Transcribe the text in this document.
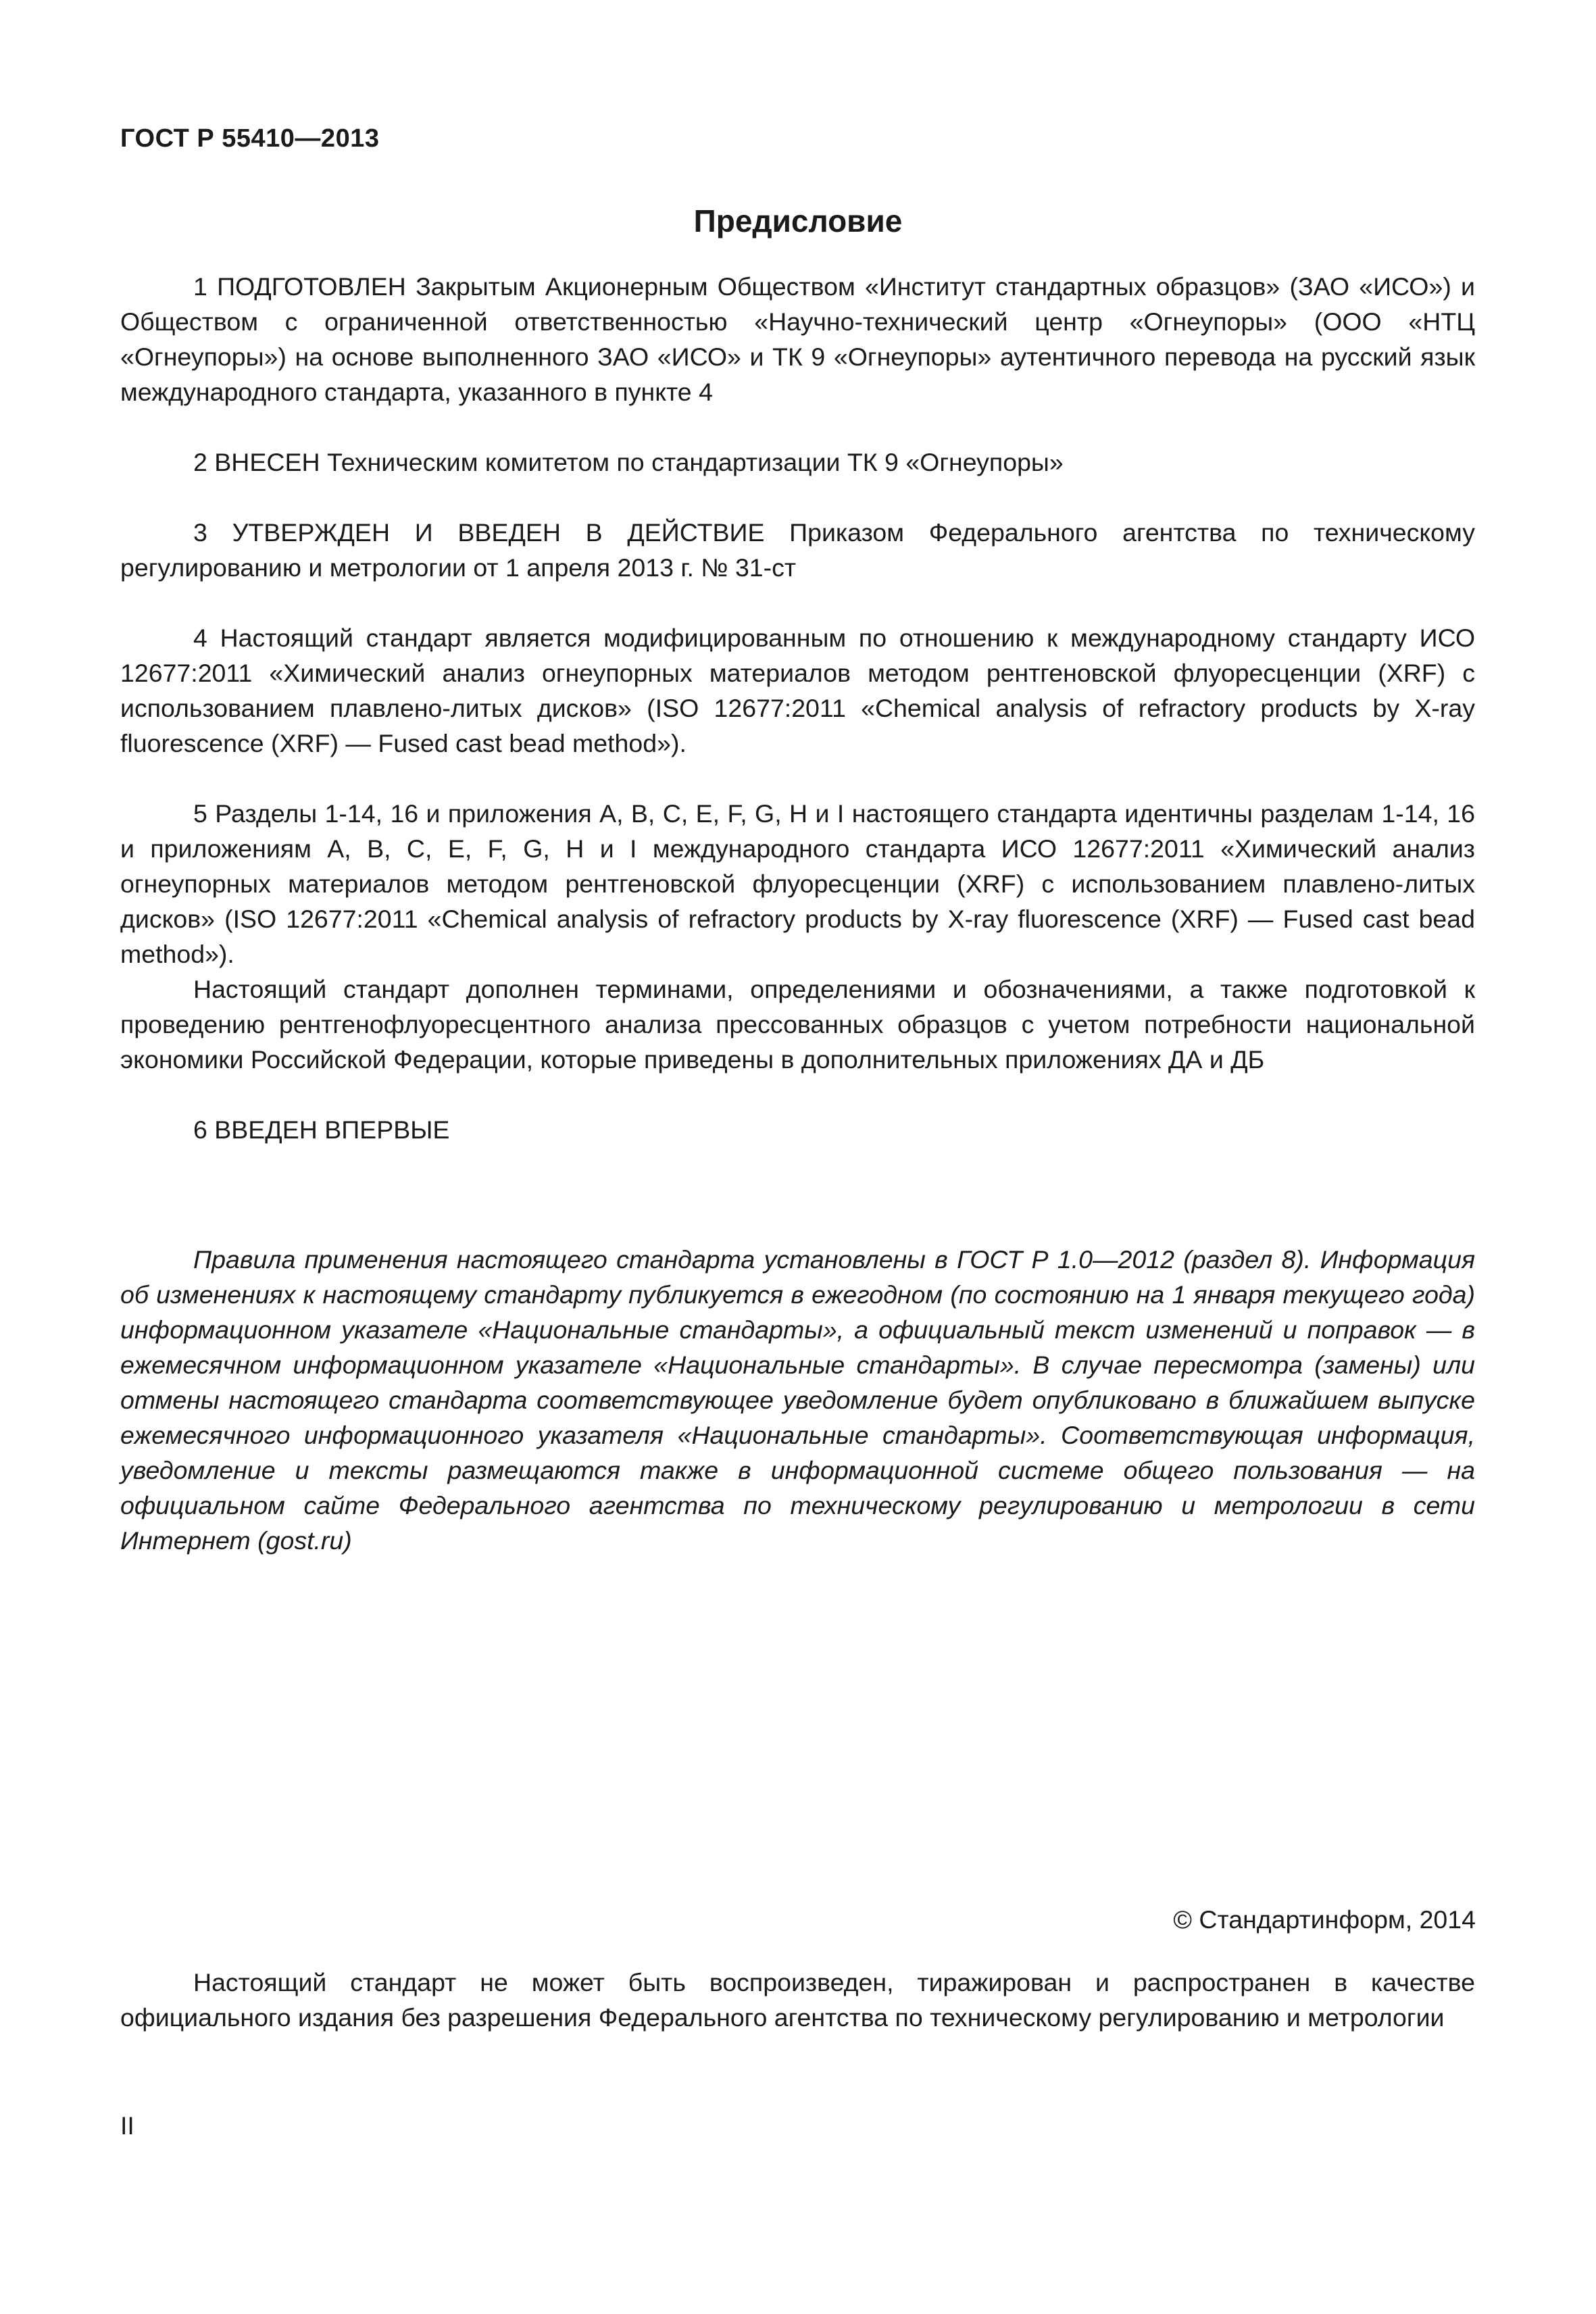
ГОСТ Р 55410—2013
Предисловие

1 ПОДГОТОВЛЕН Закрытым Акционерным Обществом «Институт стандартных образцов» (ЗАО «ИСО») и Обществом с ограниченной ответственностью «Научно-технический центр «Огнеупоры» (ООО «НТЦ «Огнеупоры») на основе выполненного ЗАО «ИСО» и ТК 9 «Огнеупоры» аутентичного перевода на русский язык международного стандарта, указанного в пункте 4

2 ВНЕСЕН Техническим комитетом по стандартизации ТК 9 «Огнеупоры»

3 УТВЕРЖДЕН И ВВЕДЕН В ДЕЙСТВИЕ Приказом Федерального агентства по техническому регулированию и метрологии от 1 апреля 2013 г. № 31-ст

4 Настоящий стандарт является модифицированным по отношению к международному стандарту ИСО 12677:2011 «Химический анализ огнеупорных материалов методом рентгеновской флуоресценции (XRF) с использованием плавлено-литых дисков» (ISO 12677:2011 «Chemical analysis of refractory products by X-ray fluorescence (XRF) — Fused cast bead method»).

5 Разделы 1-14, 16 и приложения A, B, C, E, F, G, H и I настоящего стандарта идентичны разделам 1-14, 16 и приложениям A, B, C, E, F, G, H и I международного стандарта ИСО 12677:2011 «Химический анализ огнеупорных материалов методом рентгеновской флуоресценции (XRF) с использованием плавлено-литых дисков» (ISO 12677:2011 «Chemical analysis of refractory products by X-ray fluorescence (XRF) — Fused cast bead method»).

Настоящий стандарт дополнен терминами, определениями и обозначениями, а также подготовкой к проведению рентгенофлуоресцентного анализа прессованных образцов с учетом потребности национальной экономики Российской Федерации, которые приведены в дополнительных приложениях ДА и ДБ

6 ВВЕДЕН ВПЕРВЫЕ

Правила применения настоящего стандарта установлены в ГОСТ Р 1.0—2012 (раздел 8). Информация об изменениях к настоящему стандарту публикуется в ежегодном (по состоянию на 1 января текущего года) информационном указателе «Национальные стандарты», а официальный текст изменений и поправок — в ежемесячном информационном указателе «Национальные стандарты». В случае пересмотра (замены) или отмены настоящего стандарта соответствующее уведомление будет опубликовано в ближайшем выпуске ежемесячного информационного указателя «Национальные стандарты». Соответствующая информация, уведомление и тексты размещаются также в информационной системе общего пользования — на официальном сайте Федерального агентства по техническому регулированию и метрологии в сети Интернет (gost.ru)

© Стандартинформ, 2014

Настоящий стандарт не может быть воспроизведен, тиражирован и распространен в качестве официального издания без разрешения Федерального агентства по техническому регулированию и метрологии

II
